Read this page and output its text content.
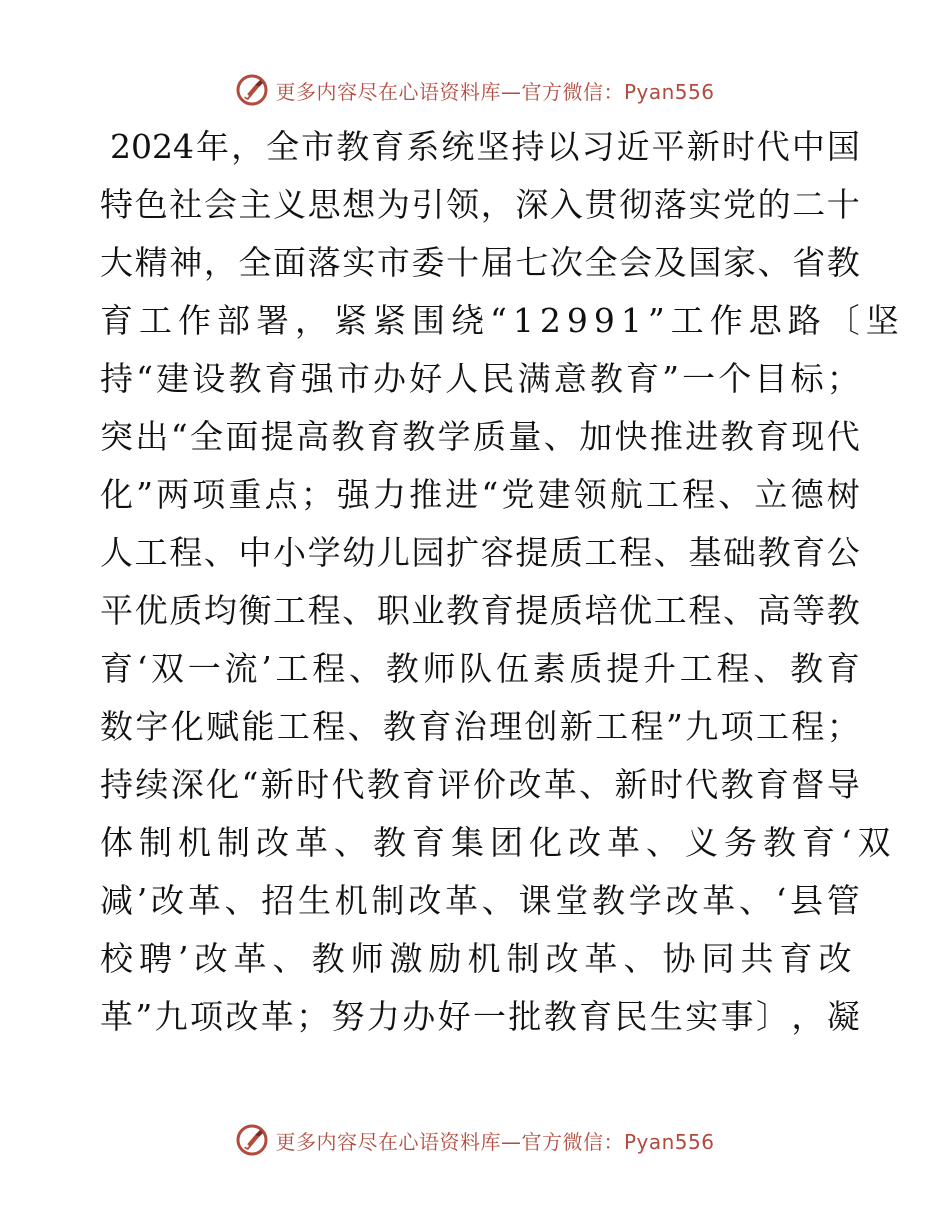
更多内容尽在心语资料库—官方微信：Pyan556
2024 年 ， 全 市 教 育 系 统 坚 持 以 习 近 平 新 时 代 中 国
特 色 社 会 主 义 思 想 为 引 领 ， 深 入 贯 彻 落 实 党 的 二 十
大 精 神 ， 全 面 落 实 市 委 十 届 七 次 全 会 及 国 家 、 省 教
育工作部署，紧紧围绕“12991”工作思路〔坚
持 “ 建 设 教 育 强 市 办 好 人 民 满 意 教 育 ” 一 个 目 标 ；
突 出 “ 全 面 提 高 教 育 教 学 质 量 、 加 快 推 进 教 育 现 代
化 ” 两 项 重 点 ； 强 力 推 进 “ 党 建 领 航 工 程 、 立 德 树
人 工 程 、 中 小 学 幼 儿 园 扩 容 提 质 工 程 、 基 础 教 育 公
平 优 质 均 衡 工 程 、 职 业 教 育 提 质 培 优 工 程 、 高 等 教
育 ‘ 双 一 流 ’ 工 程 、 教 师 队 伍 素 质 提 升 工 程 、 教 育
数 字 化 赋 能 工 程 、 教 育 治 理 创 新 工 程 ” 九 项 工 程 ；
持 续 深 化 “ 新 时 代 教 育 评 价 改 革 、 新 时 代 教 育 督 导
体制机制改革、教育集团化改革、义务教育‘双
减 ’ 改 革 、 招 生 机 制 改 革 、 课 堂 教 学 改 革 、 ‘ 县 管
校聘’改革、教师激励机制改革、协同共育改
革 ” 九 项 改 革 ； 努 力 办 好 一 批 教 育 民 生 实 事 〕 ， 凝
更多内容尽在心语资料库—官方微信：Pyan556
